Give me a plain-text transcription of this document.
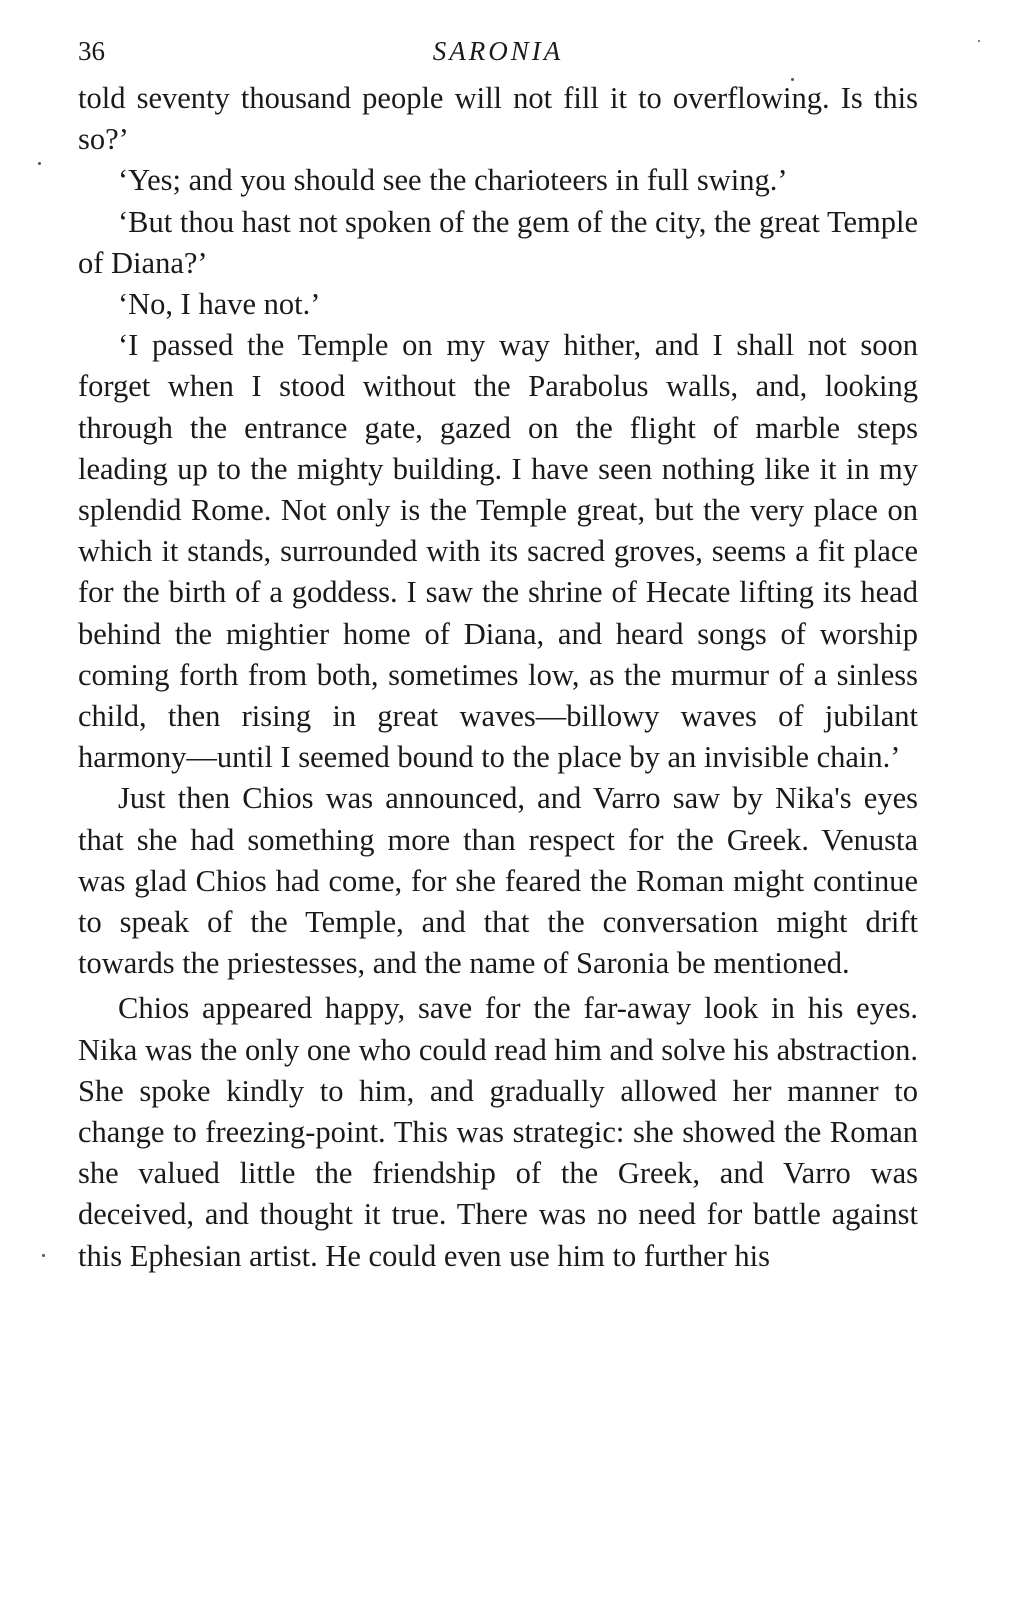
36	SARONIA

told seventy thousand people will not fill it to overflowing. Is this so?’

‘Yes; and you should see the charioteers in full swing.’

‘But thou hast not spoken of the gem of the city, the great Temple of Diana?’

‘No, I have not.’

‘I passed the Temple on my way hither, and I shall not soon forget when I stood without the Parabolus walls, and, looking through the entrance gate, gazed on the flight of marble steps leading up to the mighty building. I have seen nothing like it in my splendid Rome. Not only is the Temple great, but the very place on which it stands, surrounded with its sacred groves, seems a fit place for the birth of a goddess. I saw the shrine of Hecate lifting its head behind the mightier home of Diana, and heard songs of worship coming forth from both, sometimes low, as the murmur of a sinless child, then rising in great waves—billowy waves of jubilant harmony—until I seemed bound to the place by an invisible chain.’

Just then Chios was announced, and Varro saw by Nika's eyes that she had something more than respect for the Greek. Venusta was glad Chios had come, for she feared the Roman might continue to speak of the Temple, and that the conversation might drift towards the priestesses, and the name of Saronia be mentioned.

Chios appeared happy, save for the far-away look in his eyes. Nika was the only one who could read him and solve his abstraction. She spoke kindly to him, and gradually allowed her manner to change to freezing-point. This was strategic: she showed the Roman she valued little the friendship of the Greek, and Varro was deceived, and thought it true. There was no need for battle against this Ephesian artist. He could even use him to further his
